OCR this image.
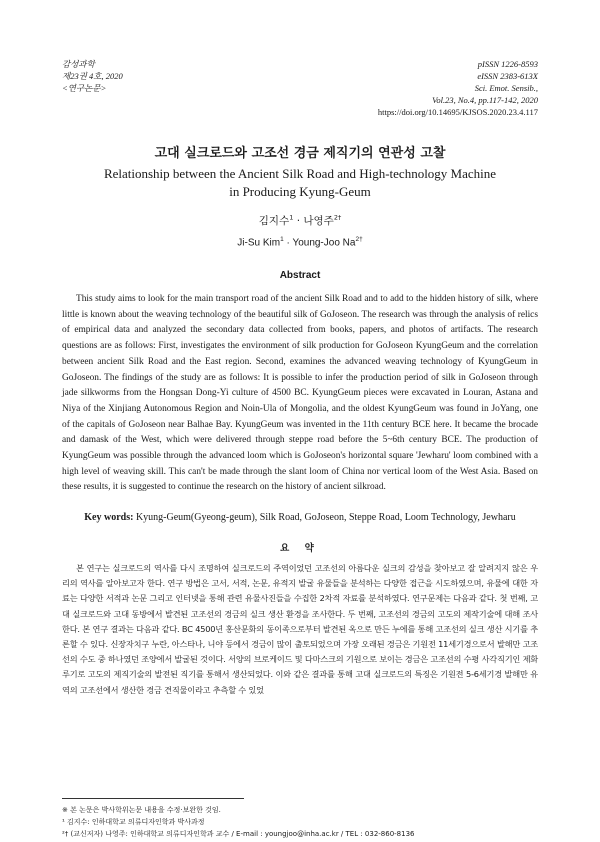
감성과학
제23권 4호, 2020
<연구논문>
pISSN 1226-8593
eISSN 2383-613X
Sci. Emot. Sensib.,
Vol.23, No.4, pp.117-142, 2020
https://doi.org/10.14695/KJSOS.2020.23.4.117
고대 실크로드와 고조선 경금 제직기의 연관성 고찰
Relationship between the Ancient Silk Road and High-technology Machine in Producing Kyung-Geum
김지수$^1$ · 나영주$^{2\dagger}$
Ji-Su Kim$^1$ · Young-Joo $Na^{2\dagger}$
Abstract

This study aims to look for the main transport road of the ancient Silk Road and to add to the hidden history of silk, where little is known about the weaving technology of the beautiful silk of GoJoseon. The research was through the analysis of relics of empirical data and analyzed the secondary data collected from books, papers, and photos of artifacts. The research questions are as follows: First, investigates the environment of silk production for GoJoseon KyungGeum and the correlation between ancient Silk Road and the East region. Second, examines the advanced weaving technology of KyungGeum in GoJoseon. The findings of the study are as follows: It is possible to infer the production period of silk in GoJoseon through jade silkworms from the Hongsan Dong-Yi culture of 4500 BC. KyungGeum pieces were excavated in Louran, Astana and Niya of the Xinjiang Autonomous Region and Noin-Ula of Mongolia, and the oldest KyungGeum was found in JoYang, one of the capitals of GoJoseon near Balhae Bay. KyungGeum was invented in the 11th century BCE here. It became the brocade and damask of the West, which were delivered through steppe road before the 5~6th century BCE. The production of KyungGeum was possible through the advanced loom which is GoJoseon's horizontal square 'Jewharu' loom combined with a high level of weaving skill. This can't be made through the slant loom of China nor vertical loom of the West Asia. Based on these results, it is suggested to continue the research on the history of ancient silkroad.

Key words: Kyung-Geum(Gyeong-geum), Silk Road, GoJoseon, Steppe Road, Loom Technology, Jewharu
요 약

본 연구는 실크로드의 역사를 다시 조명하여 실크로드의 주역이었던 고조선의 아름다운 실크의 감성을 찾아보고 잘 알려지지 않은 우리의 역사를 알아보고자 한다. 연구 방법은 고서, 서적, 논문, 유적지 발굴 유물들을 분석하는 다양한 접근을 시도하였으며, 유물에 대한 자료는 다양한 서적과 논문 그리고 인터넷을 통해 관련 유물사진들을 수집한 2차적 자료를 분석하였다. 연구문제는 다음과 같다. 첫 번째, 고대 실크로드와 고대 동방에서 발견된 고조선의 경금의 실크 생산 환경을 조사한다. 두 번째, 고조선의 경금의 고도의 제작기술에 대해 조사한다. 본 연구 결과는 다음과 같다. BC 4500년 홍산문화의 동이족으로부터 발견된 옥으로 만든 누에를 통해 고조선의 실크 생산 시기를 추론할 수 있다. 신장자치구 누란, 아스타나, 니야 등에서 경금이 많이 출토되었으며 가장 오래된 경금은 기원전 11세기경으로서 발해만 고조선의 수도 중 하나였던 조양에서 발굴된 것이다. 서양의 브로케이드 및 다마스크의 기원으로 보이는 경금은 고조선의 수평 사각직기인 제화루기로 고도의 제직기술의 발전된 직기를 통해서 생산되었다. 이와 같은 결과를 통해 고대 실크로드의 특징은 기원전 5-6세기경 발해만 유역의 고조선에서 생산한 경금 견직물이라고 추측할 수 있었

※ 본 논문은 박사학위논문 내용을 수정·보완한 것임.
¹ 김지수: 인하대학교 의류디자인학과 박사과정
²† (교신저자) 나영주: 인하대학교 의류디자인학과 교수 / E-mail : youngjoo@inha.ac.kr / TEL : 032-860-8136
